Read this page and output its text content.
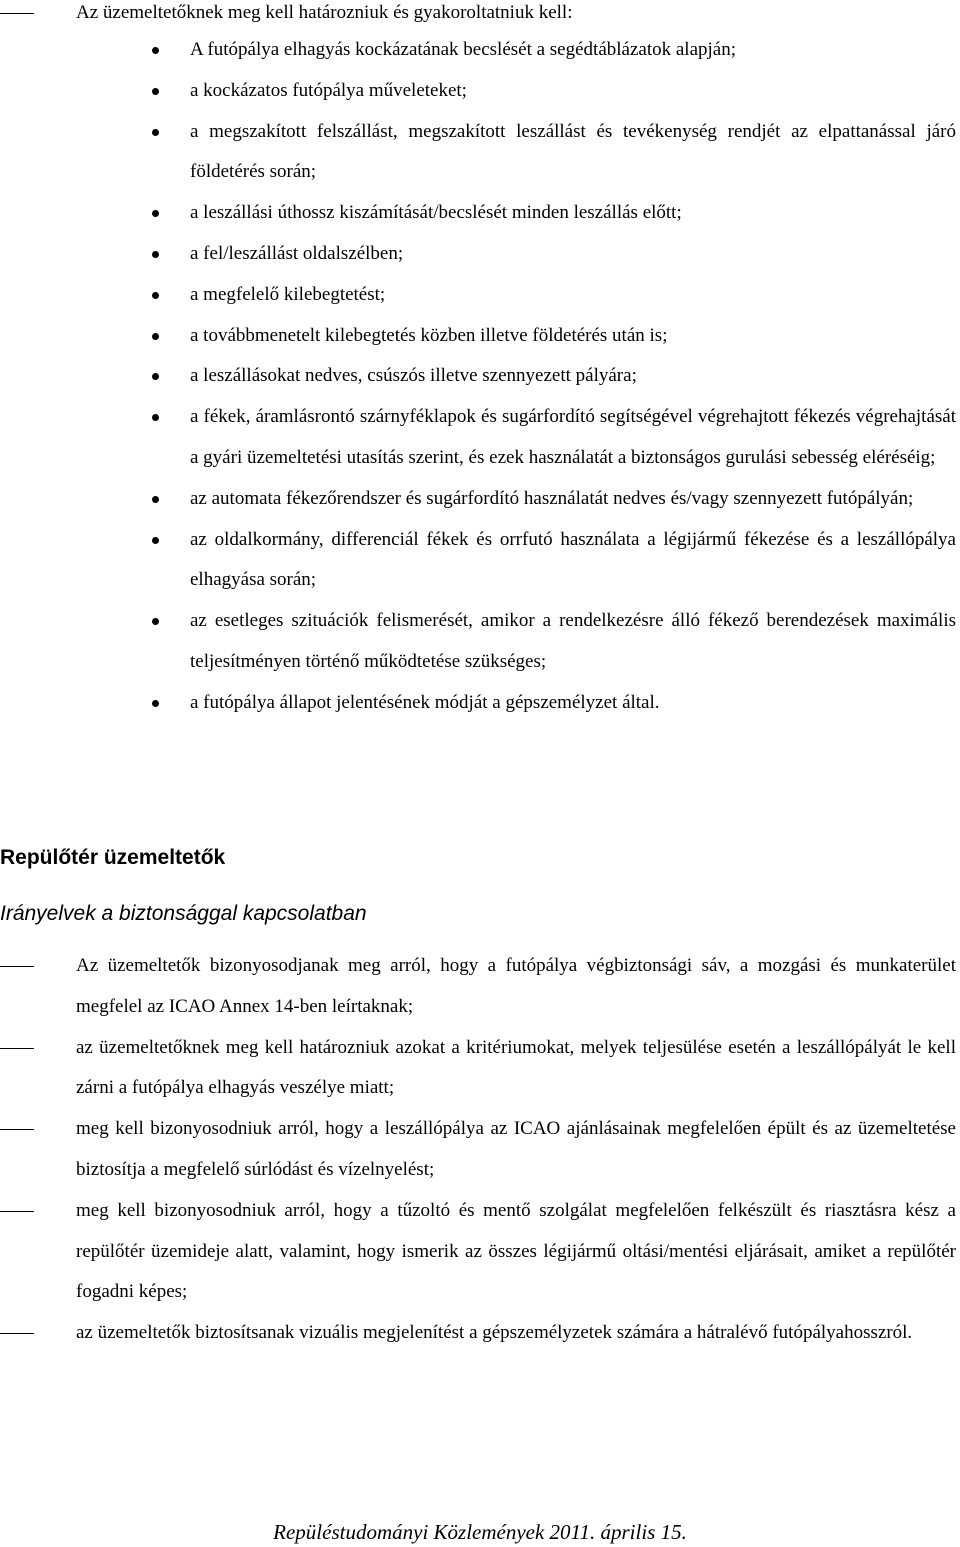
Az üzemeltetőknek meg kell határozniuk és gyakoroltatniuk kell:
A futópálya elhagyás kockázatának becslését a segédtáblázatok alapján;
a kockázatos futópálya műveleteket;
a megszakított felszállást, megszakított leszállást és tevékenység rendjét az elpattanással járó földetérés során;
a leszállási úthossz kiszámítását/becslését minden leszállás előtt;
a fel/leszállást oldalszélben;
a megfelelő kilebegtetést;
a továbbmenetelt kilebegtetés közben illetve földetérés után is;
a leszállásokat nedves, csúszós illetve szennyezett pályára;
a fékek, áramlásrontó szárnyféklapok és sugárfordító segítségével végrehajtott fékezés végrehajtását a gyári üzemeltetési utasítás szerint, és ezek használatát a biztonságos gurulási sebesség eléréséig;
az automata fékezőrendszer és sugárfordító használatát nedves és/vagy szennyezett futópályán;
az oldalkormány, differenciál fékek és orrfutó használata a légijármű fékezése és a leszállópálya elhagyása során;
az esetleges szituációk felismerését, amikor a rendelkezésre álló fékező berendezések maximális teljesítményen történő működtetése szükséges;
a futópálya állapot jelentésének módját a gépszemélyzet által.
Repülőtér üzemeltetők
Irányelvek a biztonsággal kapcsolatban
Az üzemeltetők bizonyosodjanak meg arról, hogy a futópálya végbiztonsági sáv, a mozgási és munkaterület megfelel az ICAO Annex 14-ben leírtaknak;
az üzemeltetőknek meg kell határozniuk azokat a kritériumokat, melyek teljesülése esetén a leszállópályát le kell zárni a futópálya elhagyás veszélye miatt;
meg kell bizonyosodniuk arról, hogy a leszállópálya az ICAO ajánlásainak megfelelően épült és az üzemeltetése biztosítja a megfelelő súrlódást és vízelnyelést;
meg kell bizonyosodniuk arról, hogy a tűzoltó és mentő szolgálat megfelelően felkészült és riasztásra kész a repülőtér üzemideje alatt, valamint, hogy ismerik az összes légijármű oltási/mentési eljárásait, amiket a repülőtér fogadni képes;
az üzemeltetők biztosítsanak vizuális megjelenítést a gépszemélyzetek számára a hátralévő futópályahosszról.
Repüléstudományi Közlemények 2011. április 15.
